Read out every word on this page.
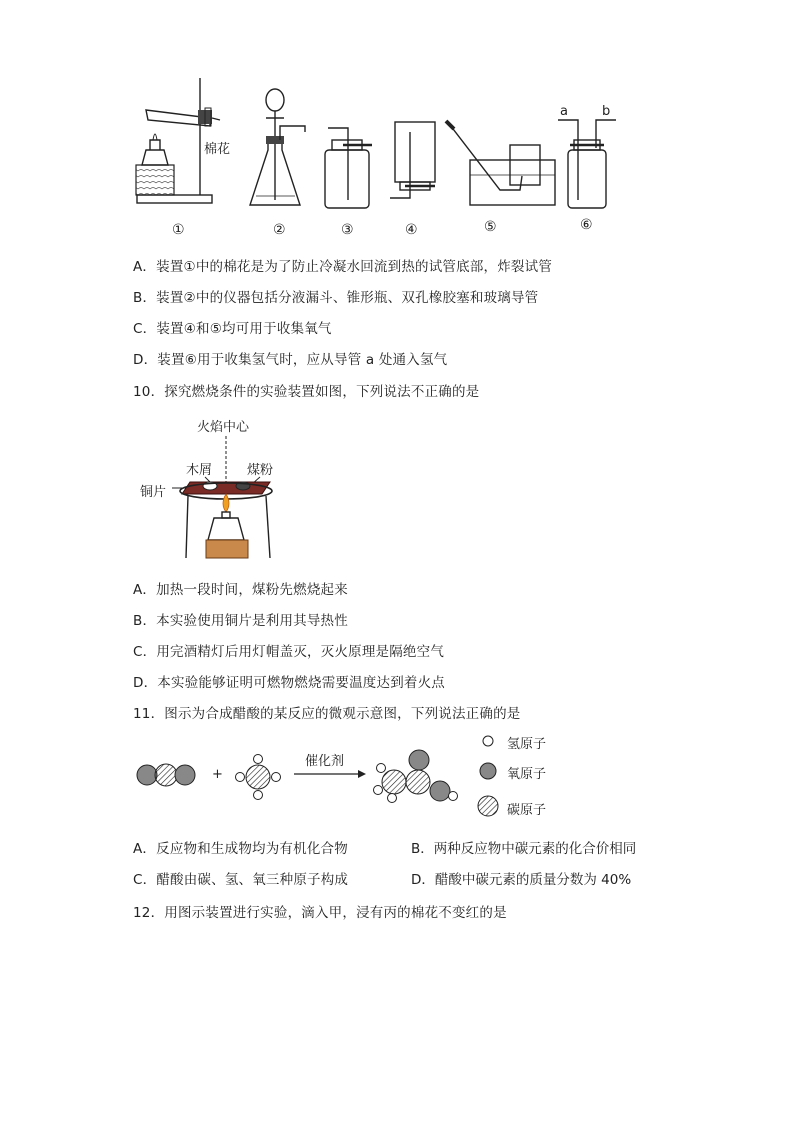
棉花
a	b
①	②	③	④	⑤	⑥
A．装置①中的棉花是为了防止冷凝水回流到热的试管底部，炸裂试管
B．装置②中的仪器包括分液漏斗、锥形瓶、双孔橡胶塞和玻璃导管
C．装置④和⑤均可用于收集氧气
D．装置⑥用于收集氢气时，应从导管 a 处通入氢气
10．探究燃烧条件的实验装置如图，下列说法不正确的是
火焰中心
木屑	煤粉
铜片
A．加热一段时间，煤粉先燃烧起来
B．本实验使用铜片是利用其导热性
C．用完酒精灯后用灯帽盖灭，灭火原理是隔绝空气
D．本实验能够证明可燃物燃烧需要温度达到着火点
11．图示为合成醋酸的某反应的微观示意图，下列说法正确的是
+
催化剂
氢原子
氧原子
碳原子
A．反应物和生成物均为有机化合物	B．两种反应物中碳元素的化合价相同
C．醋酸由碳、氢、氧三种原子构成	D．醋酸中碳元素的质量分数为 40%
12．用图示装置进行实验，滴入甲，浸有丙的棉花不变红的是
